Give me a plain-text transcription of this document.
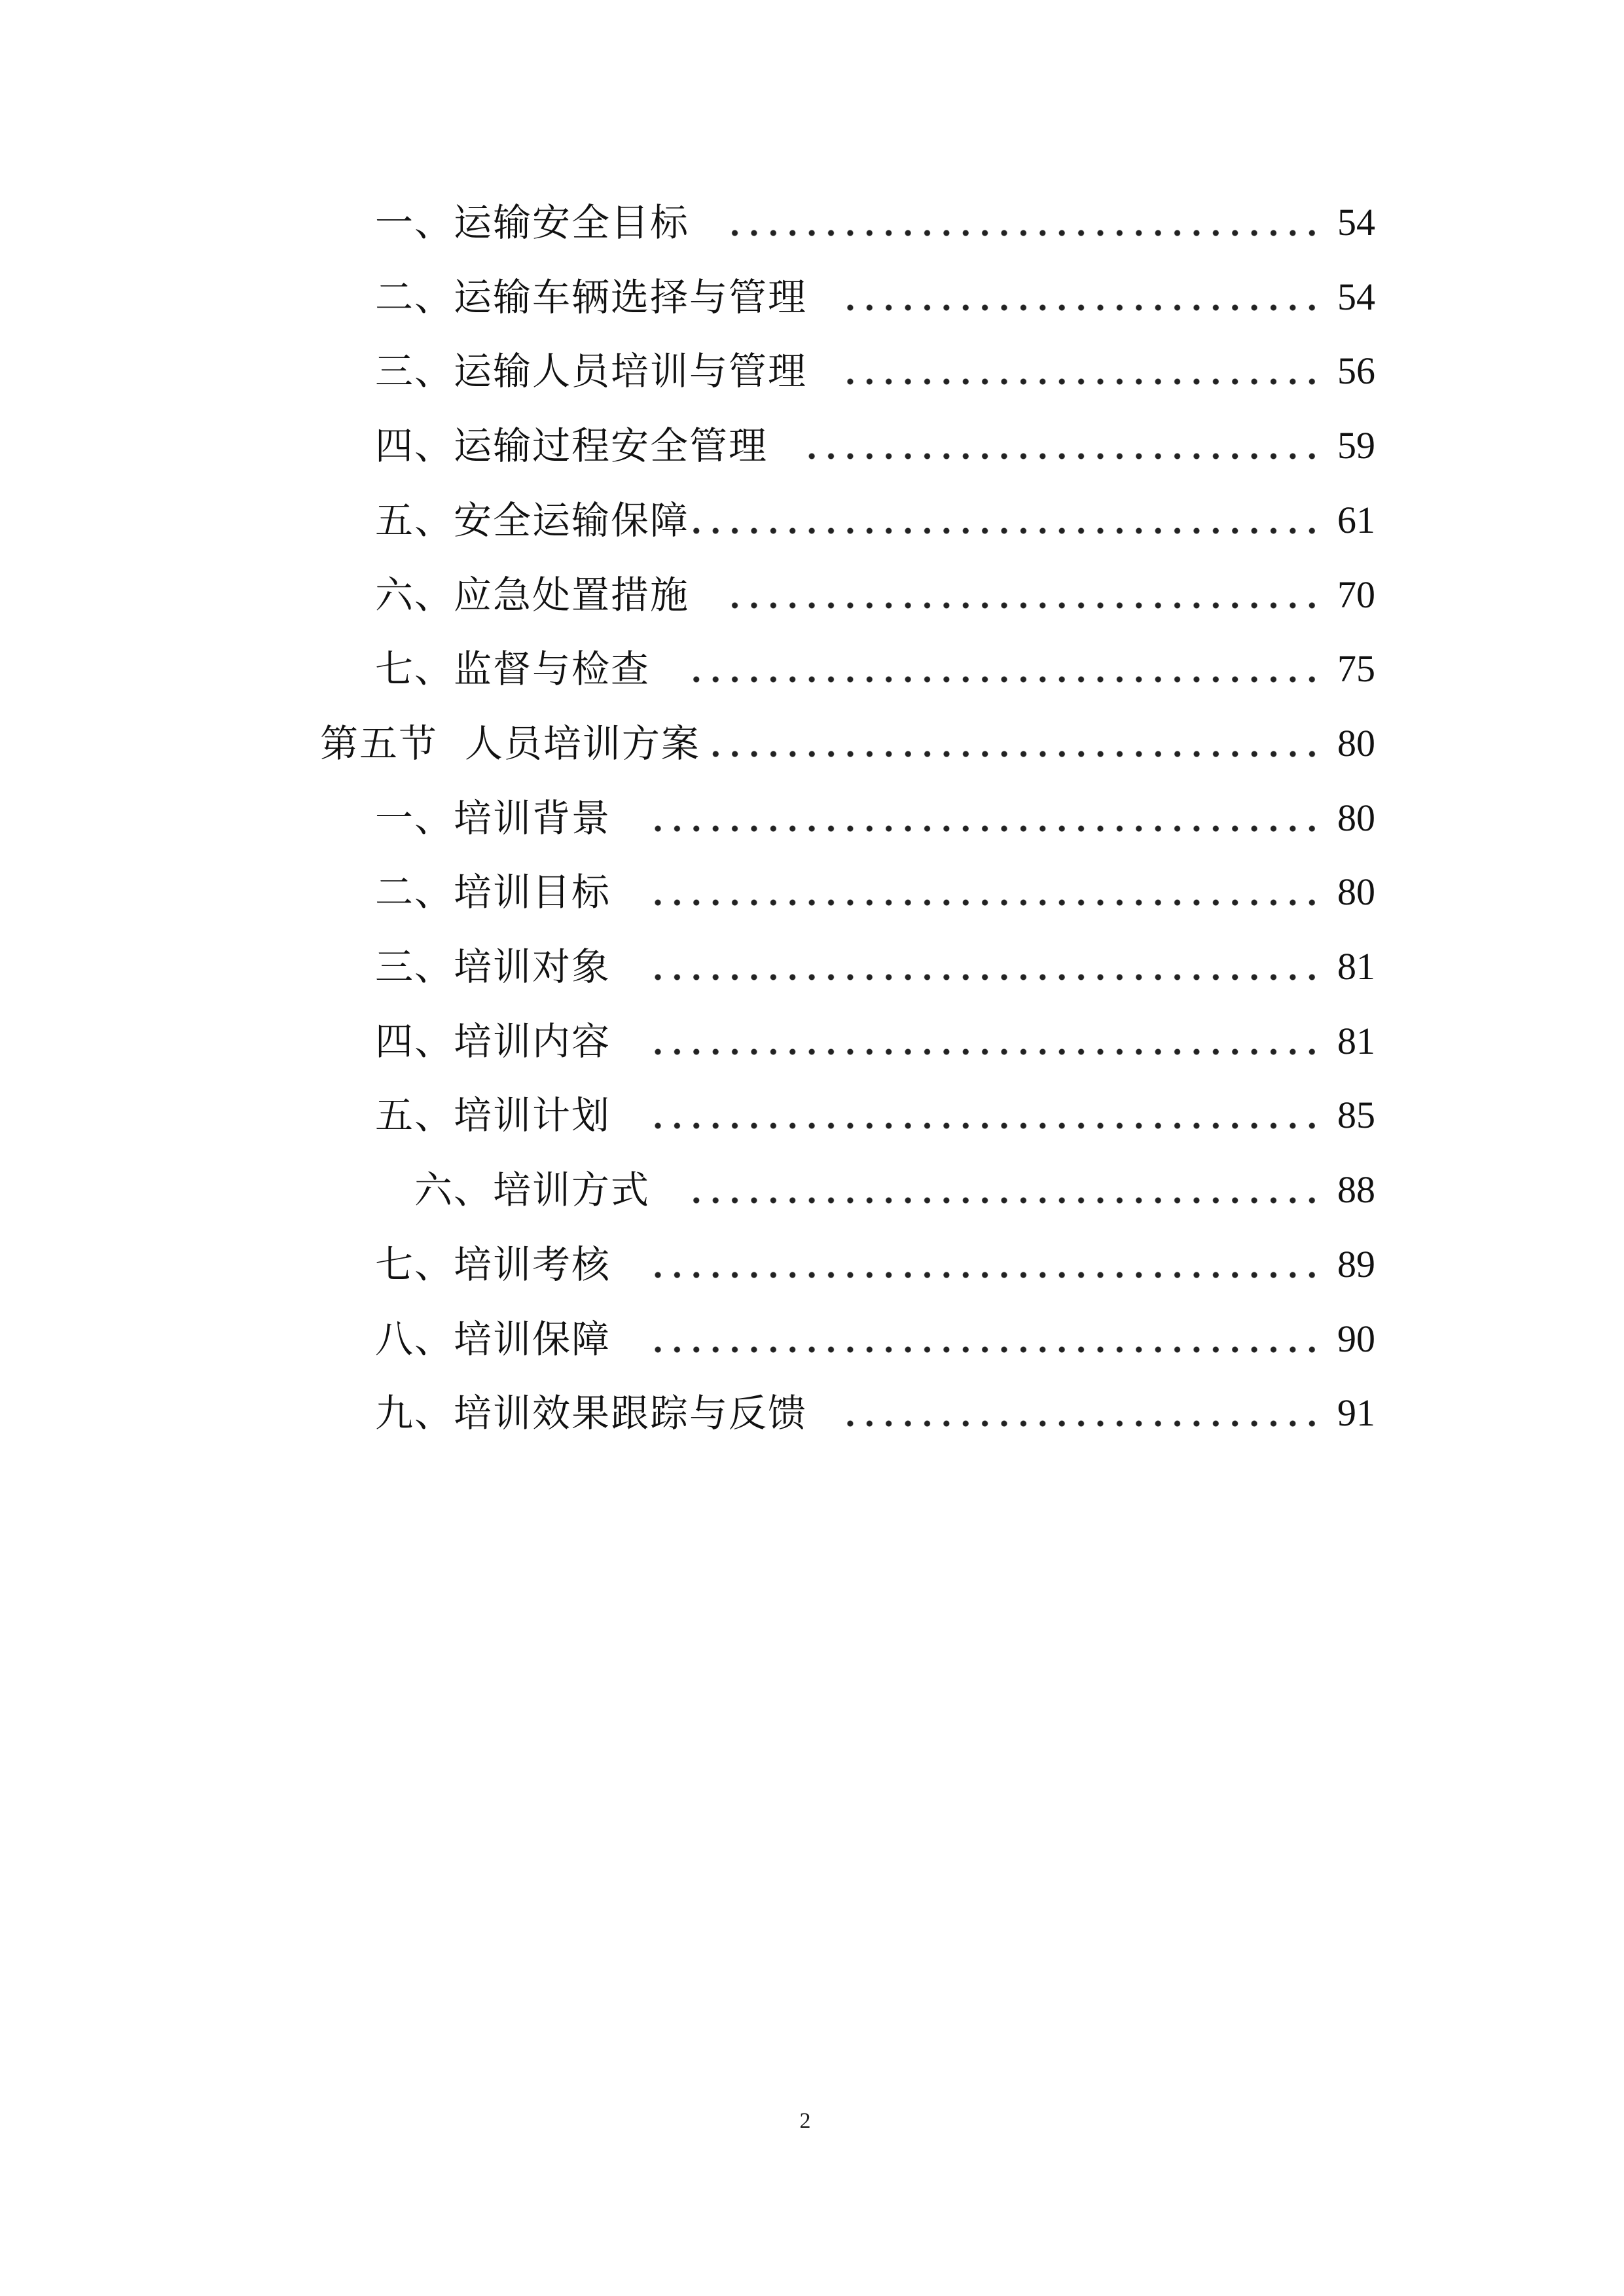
一、运输安全目标	54
二、运输车辆选择与管理	54
三、运输人员培训与管理	56
四、运输过程安全管理	59
五、安全运输保障	61
六、应急处置措施	70
七、监督与检查	75
第五节  人员培训方案	80
一、培训背景	80
二、培训目标	80
三、培训对象	81
四、培训内容	81
五、培训计划	85
六、培训方式	88
七、培训考核	89
八、培训保障	90
九、培训效果跟踪与反馈	91
2
